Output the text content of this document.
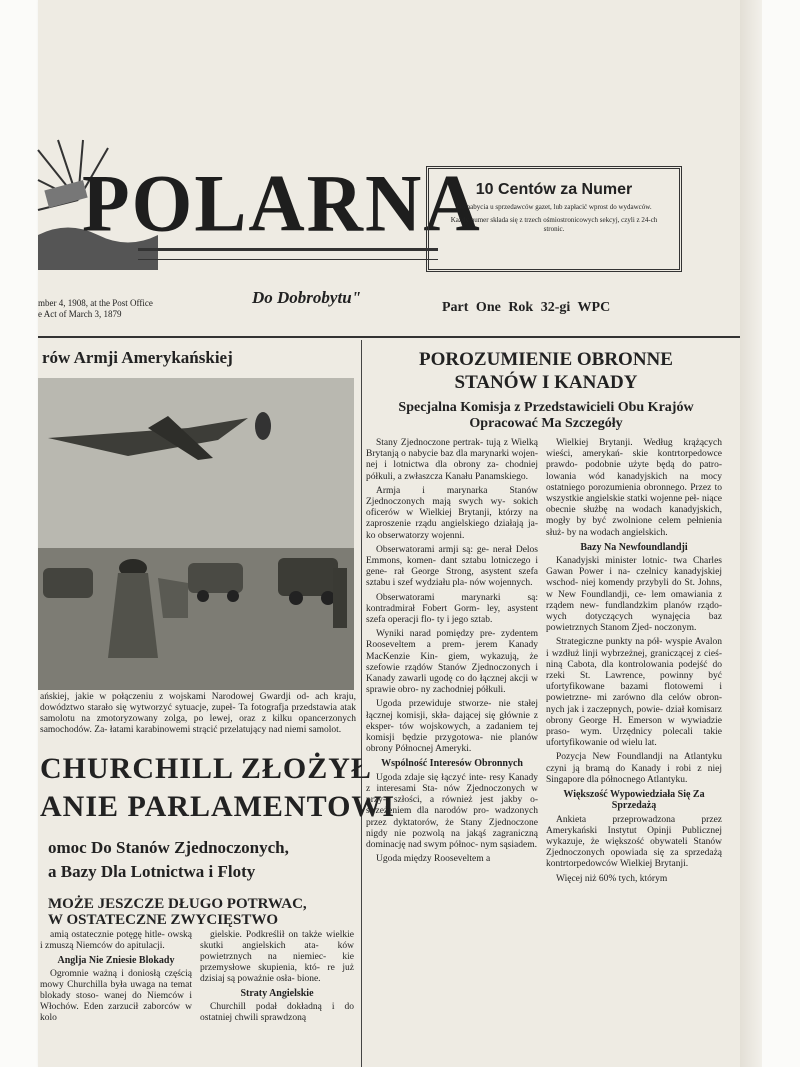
POLARNA
mber 4, 1908, at the Post Office
e Act of March 3, 1879
Do Dobrobytu"
10 Centów za Numer
Do nabycia u sprzedawców gazet, lub zapłacić wprost do wydawców.
Każdy numer składa się z trzech ośmiostronicowych sekcyj, czyli z 24-ch stronic.
Part One Rok 32-gi WPC
rów Armji Amerykańskiej
ańskiej, jakie w połączeniu z wojskami Narodowej Gwardji od- ach kraju, dowództwo starało się wytworzyć sytuacje, zupeł- Ta fotografja przedstawia atak samolotu na zmotoryzowany zolga, po lewej, oraz z kilku opancerzonych samochodów. Za- łatami karabinowemi strącić przelatujący nad niemi samolot.
CHURCHILL ZŁOŻYŁ
ANIE PARLAMENTOWI
omoc Do Stanów Zjednoczonych,
a Bazy Dla Lotnictwa i Floty
MOŻE JESZCZE DŁUGO POTRWAC,
W OSTATECZNE ZWYCIĘSTWO

amią ostatecznie potęgę hitle- owską i zmuszą Niemców do apitulacji.

Anglja Nie Zniesie Blokady

Ogromnie ważną i doniosłą częścią mowy Churchilla była uwaga na temat blokady stoso- wanej do Niemców i Włochów. Eden zarzucił zaborców w kolo

gielskie. Podkreślił on także wielkie skutki angielskich ata- ków powietrznych na niemiec- kie przemysłowe skupienia, któ- re już dzisiaj są poważnie osła- bione.

Straty Angielskie

Churchill podał dokładną i do ostatniej chwili sprawdzoną

POROZUMIENIE OBRONNE
STANÓW I KANADY
Specjalna Komisja z Przedstawicieli Obu Krajów Opracować Ma Szczegóły

Stany Zjednoczone pertrak- tują z Wielką Brytanją o nabycie baz dla marynarki wojen- nej i lotnictwa dla obrony za- chodniej półkuli, a zwłaszcza Kanału Panamskiego.

Armja i marynarka Stanów Zjednoczonych mają swych wy- sokich oficerów w Wielkiej Brytanji, którzy na zaproszenie rządu angielskiego działają ja- ko obserwatorzy wojenni.

Obserwatorami armji są: ge- nerał Delos Emmons, komen- dant sztabu lotniczego i gene- rał George Strong, asystent szefa sztabu i szef wydziału pla- nów wojennych.

Obserwatorami marynarki są: kontradmirał Fobert Gorm- ley, asystent szefa operacji flo- ty i jego sztab.

Wyniki narad pomiędzy pre- zydentem Rooseveltem a prem- jerem Kanady MacKenzie Kin- giem, wykazują, że szefowie rządów Stanów Zjednoczonych i Kanady zawarli ugodę co do łącznej akcji w sprawie obro- ny zachodniej półkuli.

Ugoda przewiduje stworze- nie stałej łącznej komisji, skła- dającej się głównie z eksper- tów wojskowych, a zadaniem tej komisji będzie przygotowa- nie planów obrony Północnej Ameryki.

Wspólność Interesów Obronnych

Ugoda zdaje się łączyć inte- resy Kanady z interesami Sta- nów Zjednoczonych w przy- szłości, a również jest jakby o- strzeżeniem dla narodów pro- wadzonych przez dyktatorów, że Stany Zjednoczone nigdy nie pozwolą na jakąś zagraniczną dominację nad swym północ- nym sąsiadem.

Ugoda między Rooseveltem a

Wielkiej Brytanji. Według krążących wieści, amerykań- skie kontrtorpedowce prawdo- podobnie użyte będą do patro- lowania wód kanadyjskich na mocy ostatniego porozumienia obronnego. Przez to wszystkie angielskie statki wojenne peł- niące obecnie służbę na wodach kanadyjskich, mogły by być zwolnione celem pełnienia służ- by na wodach angielskich.

Bazy Na Newfoundlandji

Kanadyjski minister lotnic- twa Charles Gawan Power i na- czelnicy kanadyjskiej wschod- niej komendy przybyli do St. Johns, w New Foundlandji, ce- lem omawiania z rządem new- fundlandzkim planów rządo- wych dotyczących wynajęcia baz powietrznych Stanom Zjed- noczonym.

Strategiczne punkty na pół- wyspie Avalon i wzdłuż linji wybrzeżnej, graniczącej z cieś- niną Cabota, dla kontrolowania podejść do rzeki St. Lawrence, powinny być ufortyfikowane bazami flotowemi i powietrzne- mi zarówno dla celów obron- nych jak i zaczepnych, powie- dział komisarz obrony George H. Emerson w wywiadzie praso- wym. Urzędnicy polecali takie ufortyfikowanie od wielu lat.

Pozycja New Foundlandji na Atlantyku czyni ją bramą do Kanady i robi z niej Singapore dla północnego Atlantyku.

Większość Wypowiedziała Się Za Sprzedażą

Ankieta przeprowadzona przez Amerykański Instytut Opinji Publicznej wykazuje, że większość obywateli Stanów Zjednoczonych opowiada się za sprzedażą kontrtorpedowców Wielkiej Brytanji.

Więcej niż 60% tych, którym
